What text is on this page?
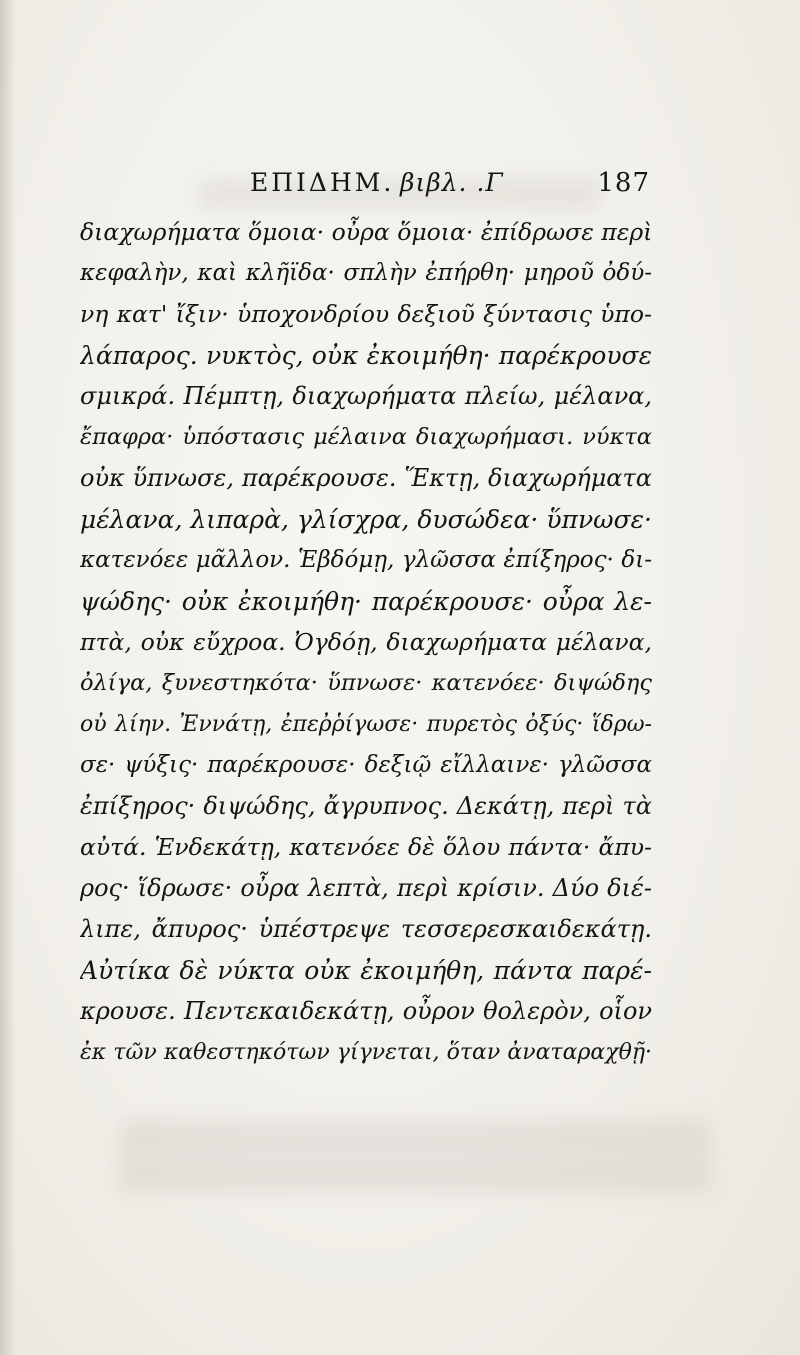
ΕΠΙΔΗΜ. βιβλ. .Γ	187
διαχωρήματα ὅμοια· οὖρα ὅμοια· ἐπίδρωσε περὶ
κεφαλὴν, καὶ κλῆϊδα· σπλὴν ἐπήρθη· μηροῦ ὀδύ-
νη κατ' ἴξιν· ὑποχονδρίου δεξιοῦ ξύντασις ὑπο-
λάπαρος. νυκτὸς, οὐκ ἐκοιμήθη· παρέκρουσε
σμικρά. Πέμπτῃ, διαχωρήματα πλείω, μέλανα,
ἔπαφρα· ὑπόστασις μέλαινα διαχωρήμασι. νύκτα
οὐκ ὕπνωσε, παρέκρουσε. Ἕκτῃ, διαχωρήματα
μέλανα, λιπαρὰ, γλίσχρα, δυσώδεα· ὕπνωσε·
κατενόεε μᾶλλον. Ἑβδόμῃ, γλῶσσα ἐπίξηρος· δι-
ψώδης· οὐκ ἐκοιμήθη· παρέκρουσε· οὖρα λε-
πτὰ, οὐκ εὔχροα. Ὀγδόῃ, διαχωρήματα μέλανα,
ὀλίγα, ξυνεστηκότα· ὕπνωσε· κατενόεε· διψώδης
οὐ λίην. Ἐννάτῃ, ἐπεῤῥίγωσε· πυρετὸς ὀξύς· ἵδρω-
σε· ψύξις· παρέκρουσε· δεξιῷ εἴλλαινε· γλῶσσα
ἐπίξηρος· διψώδης, ἄγρυπνος. Δεκάτῃ, περὶ τὰ
αὐτά. Ἑνδεκάτῃ, κατενόεε δὲ ὅλου πάντα· ἄπυ-
ρος· ἵδρωσε· οὖρα λεπτὰ, περὶ κρίσιν. Δύο διέ-
λιπε, ἄπυρος· ὑπέστρεψε τεσσερεσκαιδεκάτῃ.
Αὐτίκα δὲ νύκτα οὐκ ἐκοιμήθη, πάντα παρέ-
κρουσε. Πεντεκαιδεκάτῃ, οὖρον θολερὸν, οἷον
ἐκ τῶν καθεστηκότων γίγνεται, ὅταν ἀναταραχθῇ·
